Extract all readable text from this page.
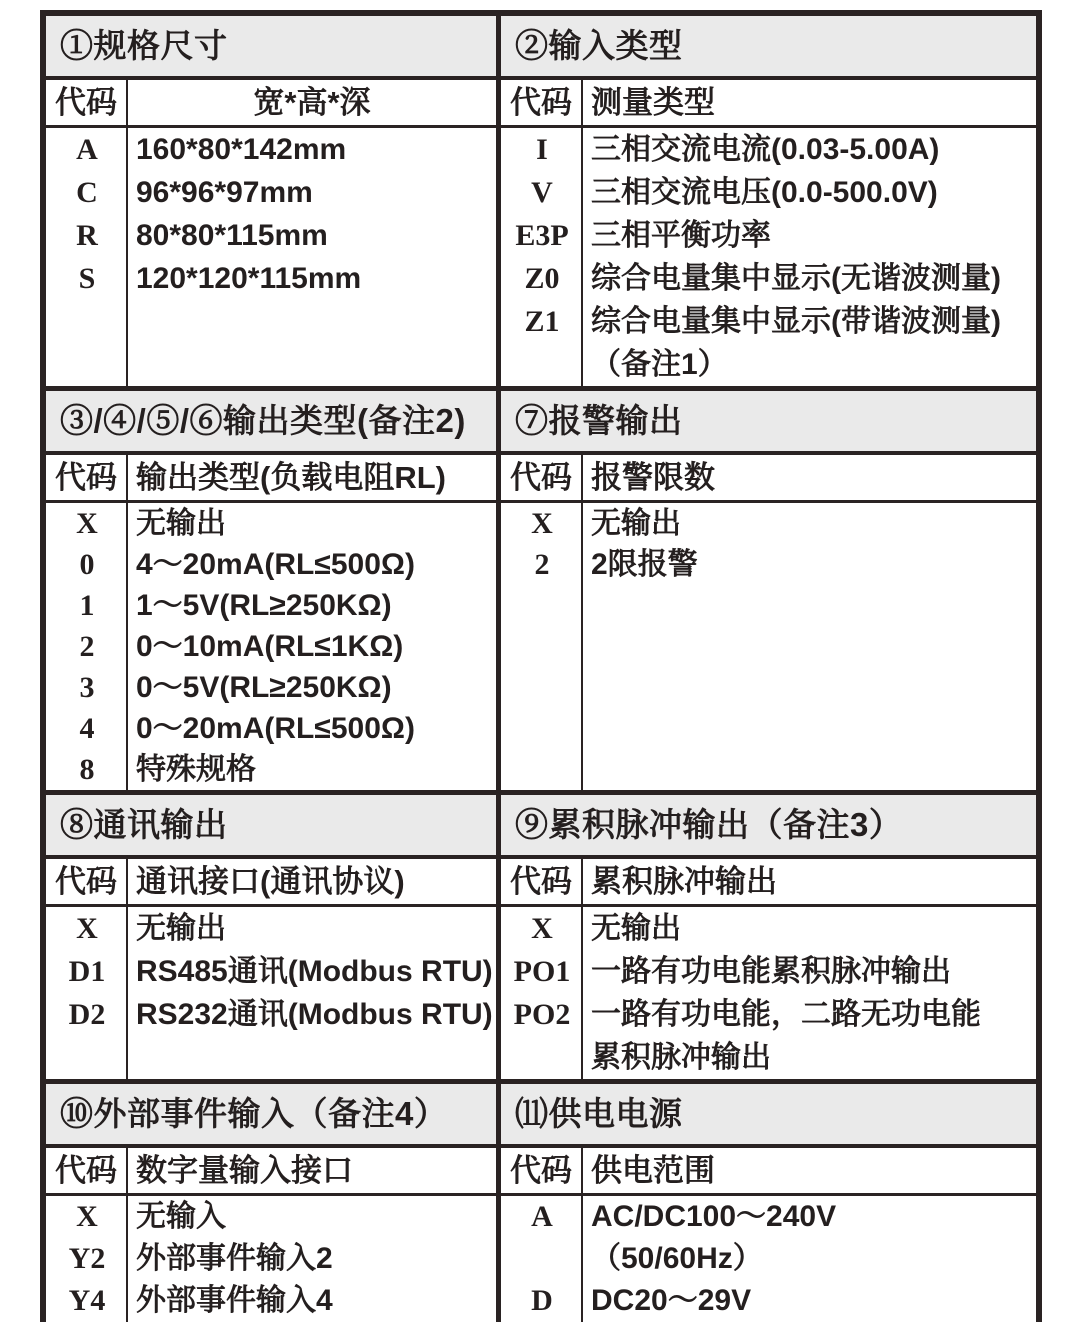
①规格尺寸
代码	宽*高*深
A	160*80*142mm
C	96*96*97mm
R	80*80*115mm
S	120*120*115mm
②输入类型
代码 测量类型
I	三相交流电流(0.03-5.00A)
V	三相交流电压(0.0-500.0V)
E3P 三相平衡功率
Z0	综合电量集中显示(无谐波测量)
Z1	综合电量集中显示(带谐波测量)
（备注1）
③/④/⑤/⑥输出类型(备注2)
代码 输出类型(负载电阻RL)
X	无输出
0	4～20mA(RL≤500Ω)
1	1～5V(RL≥250KΩ)
2	0～10mA(RL≤1KΩ)
3	0～5V(RL≥250KΩ)
4	0～20mA(RL≤500Ω)
8	特殊规格
⑦报警输出
代码 报警限数
X	无输出
2	2限报警
⑧通讯输出
代码 通讯接口(通讯协议)
X	无输出
D1	RS485通讯(Modbus RTU)
D2	RS232通讯(Modbus RTU)
⑨累积脉冲输出（备注3）
代码 累积脉冲输出
X	无输出
PO1 一路有功电能累积脉冲输出
PO2 一路有功电能，二路无功电能
累积脉冲输出
⑩外部事件输入（备注4）
代码 数字量输入接口
X	无输入
Y2	外部事件输入2
Y4	外部事件输入4
⑾供电电源
代码 供电范围
A	AC/DC100～240V
（50/60Hz）
D	DC20～29V
